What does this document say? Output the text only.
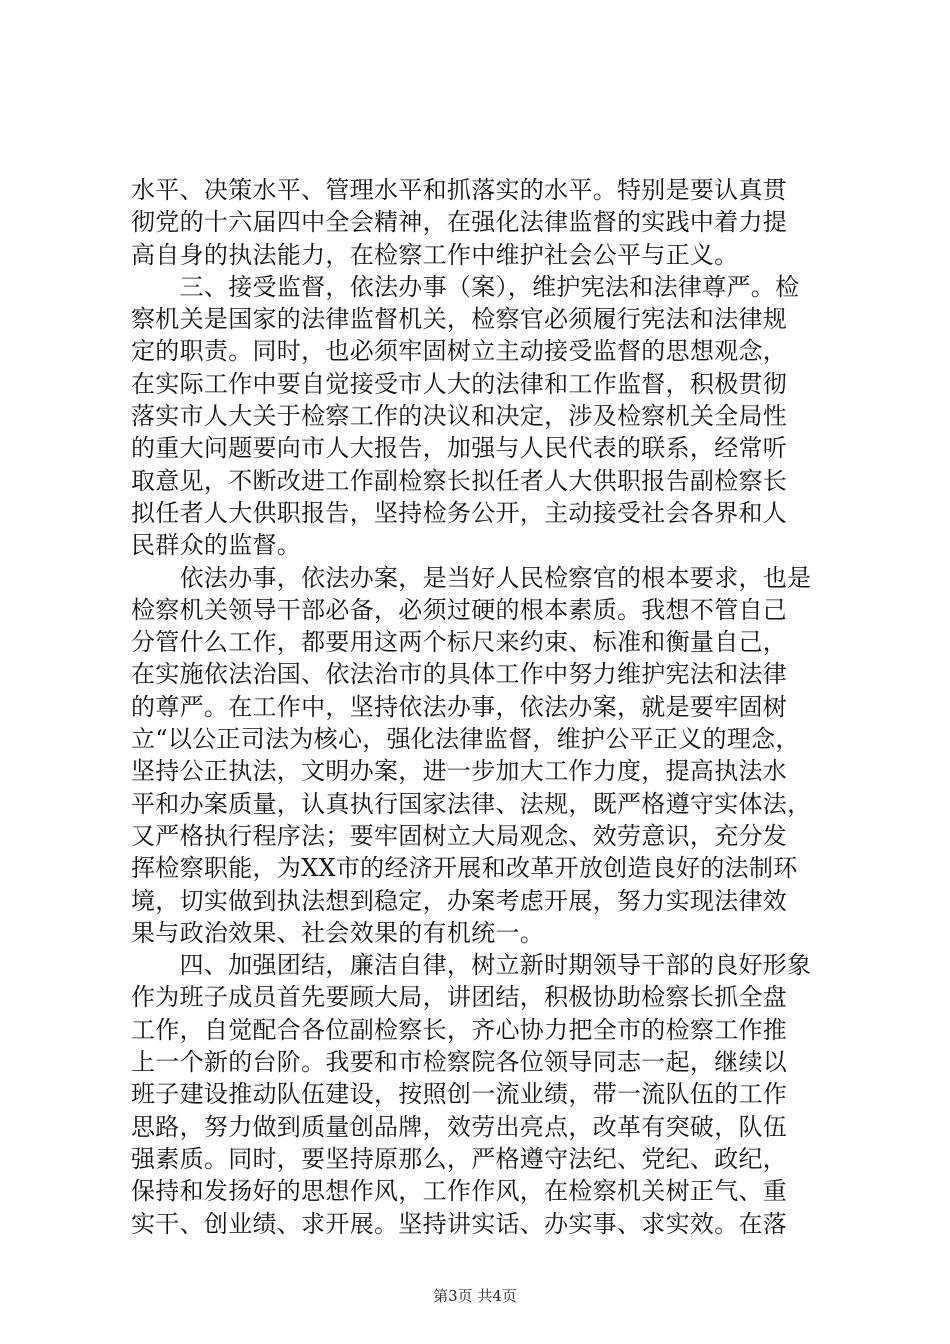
水平、决策水平、管理水平和抓落实的水平。特别是要认真贯
彻党的十六届四中全会精神，在强化法律监督的实践中着力提
高自身的执法能力，在检察工作中维护社会公平与正义。
　　三、接受监督，依法办事（案），维护宪法和法律尊严。检
察机关是国家的法律监督机关，检察官必须履行宪法和法律规
定的职责。同时，也必须牢固树立主动接受监督的思想观念，
在实际工作中要自觉接受市人大的法律和工作监督，积极贯彻
落实市人大关于检察工作的决议和决定，涉及检察机关全局性
的重大问题要向市人大报告，加强与人民代表的联系，经常听
取意见，不断改进工作副检察长拟任者人大供职报告副检察长
拟任者人大供职报告，坚持检务公开，主动接受社会各界和人
民群众的监督。
　　依法办事，依法办案，是当好人民检察官的根本要求，也是
检察机关领导干部必备，必须过硬的根本素质。我想不管自己
分管什么工作，都要用这两个标尺来约束、标准和衡量自己，
在实施依法治国、依法治市的具体工作中努力维护宪法和法律
的尊严。在工作中，坚持依法办事，依法办案，就是要牢固树
立“以公正司法为核心，强化法律监督，维护公平正义的理念，
坚持公正执法，文明办案，进一步加大工作力度，提高执法水
平和办案质量，认真执行国家法律、法规，既严格遵守实体法，
又严格执行程序法；要牢固树立大局观念、效劳意识，充分发
挥检察职能，为XX市的经济开展和改革开放创造良好的法制环
境，切实做到执法想到稳定，办案考虑开展，努力实现法律效
果与政治效果、社会效果的有机统一。
　　四、加强团结，廉洁自律，树立新时期领导干部的良好形象
作为班子成员首先要顾大局，讲团结，积极协助检察长抓全盘
工作，自觉配合各位副检察长，齐心协力把全市的检察工作推
上一个新的台阶。我要和市检察院各位领导同志一起，继续以
班子建设推动队伍建设，按照创一流业绩，带一流队伍的工作
思路，努力做到质量创品牌，效劳出亮点，改革有突破，队伍
强素质。同时，要坚持原那么，严格遵守法纪、党纪、政纪，
保持和发扬好的思想作风，工作作风，在检察机关树正气、重
实干、创业绩、求开展。坚持讲实话、办实事、求实效。在落
第3页 共4页
